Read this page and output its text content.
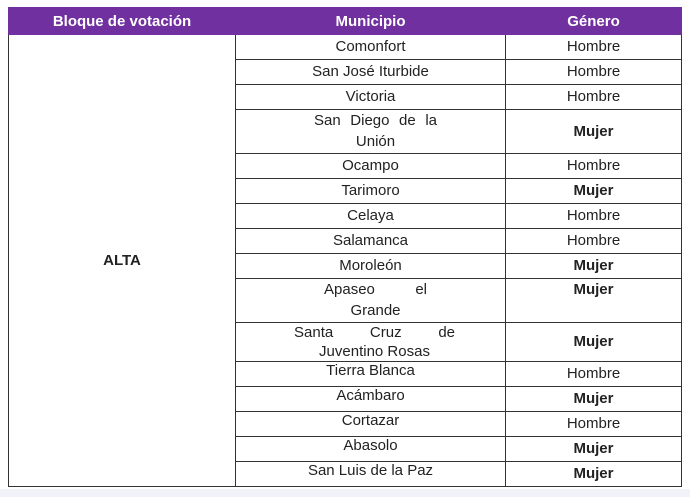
Bloque de votación	Municipio	Género
ALTA	Comonfort	Hombre
	San José Iturbide	Hombre
	Victoria	Hombre
	San Diego de la Unión	Mujer
	Ocampo	Hombre
	Tarimoro	Mujer
	Celaya	Hombre
	Salamanca	Hombre
	Moroleón	Mujer
	Apaseo el Grande	Mujer
	Santa Cruz de Juventino Rosas	Mujer
	Tierra Blanca	Hombre
	Acámbaro	Mujer
	Cortazar	Hombre
	Abasolo	Mujer
	San Luis de la Paz	Mujer
